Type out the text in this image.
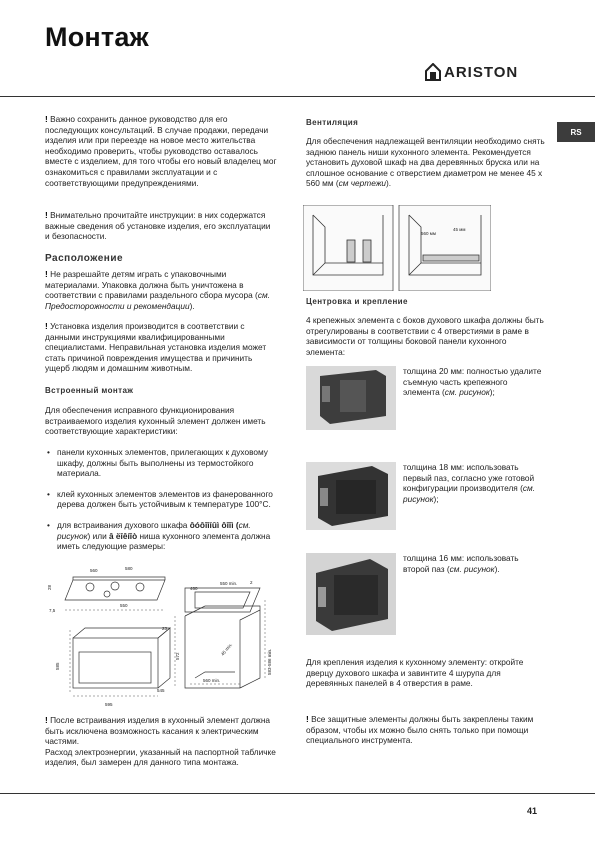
Монтаж
ARISTON
RS

! Важно сохранить данное руководство для его последующих консультаций. В случае продажи, передачи изделия или при переезде на новое место жительства необходимо проверить, чтобы руководство оставалось вместе с изделием, для того чтобы его новый владелец мог ознакомиться с правилами эксплуатации и с соответствующими предупреждениями.

! Внимательно прочитайте инструкции: в них содержатся важные сведения об установке изделия, его эксплуатации и безопасности.

Расположение

! Не разрешайте детям играть с упаковочными материалами. Упаковка должна быть уничтожена в соответствии с правилами раздельного сбора мусора (см. Предосторожности и рекомендации).

! Установка изделия производится в соответствии с данными инструкциями квалифицированными специалистами. Неправильная установка изделия может стать причиной повреждения имущества и причинить ущерб людям и домашним животным.

Встроенный монтаж
Для обеспечения исправного функционирования встраиваемого изделия кухонный элемент должен иметь соответствующие характеристики:
• панели кухонных элементов, прилегающих к духовому шкафу, должны быть выполнены из термостойкого материала.
• клей кухонных элементов элементов из фанерованного дерева должен быть устойчивым к температуре 100°С.
• для встраивания духового шкафа ôóôîîíûì ôîîì (см. рисунок) или â ëîêíîò ниша кухонного элемента должна иметь следующие размеры:
560	580
550
550 min.
460
595
545
585
572
23
560 min.
45 min.	583-586 min.
28
7,5
2

! После встраивания изделия в кухонный элемент должна быть исключена возможность касания к электрическим частями.

Расход электроэнергии, указанный на паспортной табличке изделия, был замерен для данного типа монтажа.

Вентиляция

Для обеспечения надлежащей вентиляции необходимо снять заднюю панель ниши кухонного элемента. Рекомендуется установить духовой шкаф на два деревянных бруска или на сплошное основание с отверстием диаметром не менее 45 х 560 мм (см чертежи).

560 мм
45 мм
Центровка и крепление
4 крепежных элемента с боков духового шкафа должны быть отрегулированы в соответствии с 4 отверстиями в раме в зависимости от толщины боковой панели кухонного элемента:

толщина 20 мм: полностью удалите съемную часть крепежного элемента (см. рисунок);

толщина 18 мм: использовать первый паз, согласно уже готовой конфигурации производителя (см. рисунок);

толщина 16 мм: использовать второй паз (см. рисунок).

Для крепления изделия к кухонному элементу: откройте дверцу духового шкафа и завинтите 4 шурупа для деревянных панелей в 4 отверстия в раме.

! Все защитные элементы должны быть закреплены таким образом, чтобы их можно было снять только при помощи специального инструмента.

41
